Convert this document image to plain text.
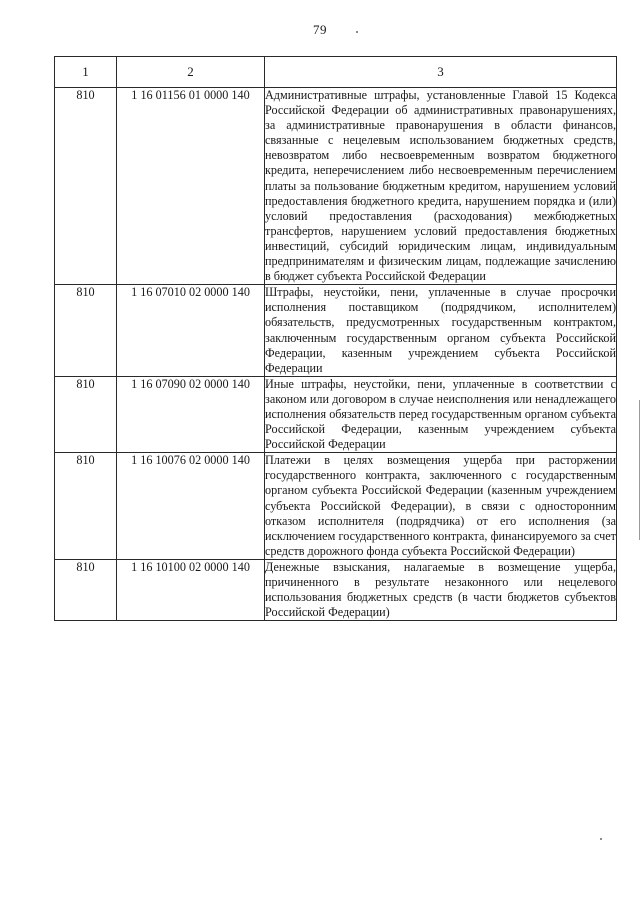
79
1	2	3
810	1 16 01156 01 0000 140	Административные штрафы, установленные Главой 15 Кодекса Российской Федерации об административных правонарушениях, за административные правонарушения в области финансов, связанные с нецелевым использованием бюджетных средств, невозвратом либо несвоевременным возвратом бюджетного кредита, неперечислением либо несвоевременным перечислением платы за пользование бюджетным кредитом, нарушением условий предоставления бюджетного кредита, нарушением порядка и (или) условий предоставления (расходования) межбюджетных трансфертов, нарушением условий предоставления бюджетных инвестиций, субсидий юридическим лицам, индивидуальным предпринимателям и физическим лицам, подлежащие зачислению в бюджет субъекта Российской Федерации
810	1 16 07010 02 0000 140	Штрафы, неустойки, пени, уплаченные в случае просрочки исполнения поставщиком (подрядчиком, исполнителем) обязательств, предусмотренных государственным контрактом, заключенным государственным органом субъекта Российской Федерации, казенным учреждением субъекта Российской Федерации
810	1 16 07090 02 0000 140	Иные штрафы, неустойки, пени, уплаченные в соответствии с законом или договором в случае неисполнения или ненадлежащего исполнения обязательств перед государственным органом субъекта Российской Федерации, казенным учреждением субъекта Российской Федерации
810	1 16 10076 02 0000 140	Платежи в целях возмещения ущерба при расторжении государственного контракта, заключенного с государственным органом субъекта Российской Федерации (казенным учреждением субъекта Российской Федерации), в связи с односторонним отказом исполнителя (подрядчика) от его исполнения (за исключением государственного контракта, финансируемого за счет средств дорожного фонда субъекта Российской Федерации)
810	1 16 10100 02 0000 140	Денежные взыскания, налагаемые в возмещение ущерба, причиненного в результате незаконного или нецелевого использования бюджетных средств (в части бюджетов субъектов Российской Федерации)
